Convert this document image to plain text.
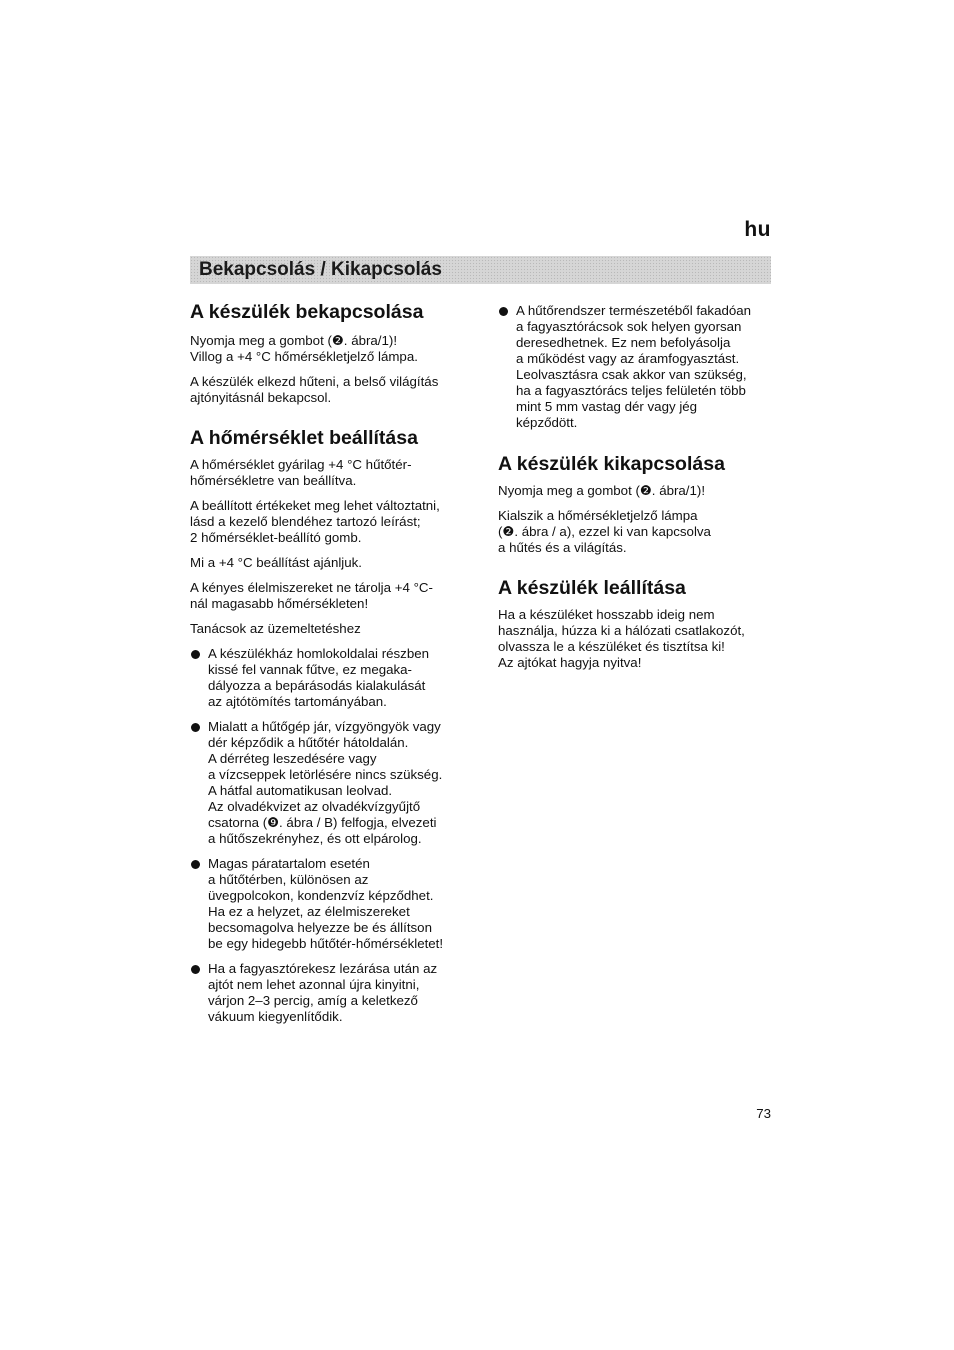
hu
Bekapcsolás / Kikapcsolás
A készülék bekapcsolása

Nyomja meg a gombot (❷. ábra/1)!
Villog a +4 °C hőmérsékletjelző lámpa.

A készülék elkezd hűteni, a belső világítás
ajtónyitásnál bekapcsol.

A hőmérséklet beállítása

A hőmérséklet gyárilag +4 °C hűtőtér-
hőmérsékletre van beállítva.

A beállított értékeket meg lehet változtatni,
lásd a kezelő blendéhez tartozó leírást;
2 hőmérséklet-beállító gomb.

Mi a +4 °C beállítást ajánljuk.

A kényes élelmiszereket ne tárolja +4 °C-
nál magasabb hőmérsékleten!

Tanácsok az üzemeltetéshez

A készülékház homlokoldalai részben
kissé fel vannak fűtve, ez megaka-
dályozza a bepárásodás kialakulását
az ajtótömítés tartományában.

Mialatt a hűtőgép jár, vízgyöngyök vagy
dér képződik a hűtőtér hátoldalán.
A dérréteg leszedésére vagy
a vízcseppek letörlésére nincs szükség.
A hátfal automatikusan leolvad.
Az olvadékvizet az olvadékvízgyűjtő
csatorna (❾. ábra / B) felfogja, elvezeti
a hűtőszekrényhez, és ott elpárolog.

Magas páratartalom esetén
a hűtőtérben, különösen az
üvegpolcokon, kondenzvíz képződhet.
Ha ez a helyzet, az élelmiszereket
becsomagolva helyezze be és állítson
be egy hidegebb hűtőtér-hőmérsékletet!

Ha a fagyasztórekesz lezárása után az
ajtót nem lehet azonnal újra kinyitni,
várjon 2–3 percig, amíg a keletkező
vákuum kiegyenlítődik.

A hűtőrendszer természetéből fakadóan
a fagyasztórácsok sok helyen gyorsan
deresedhetnek. Ez nem befolyásolja
a működést vagy az áramfogyasztást.
Leolvasztásra csak akkor van szükség,
ha a fagyasztórács teljes felületén több
mint 5 mm vastag dér vagy jég
képződött.

A készülék kikapcsolása

Nyomja meg a gombot (❷. ábra/1)!

Kialszik a hőmérsékletjelző lámpa
(❷. ábra / a), ezzel ki van kapcsolva
a hűtés és a világítás.

A készülék leállítása

Ha a készüléket hosszabb ideig nem
használja, húzza ki a hálózati csatlakozót,
olvassza le a készüléket és tisztítsa ki!
Az ajtókat hagyja nyitva!

73
